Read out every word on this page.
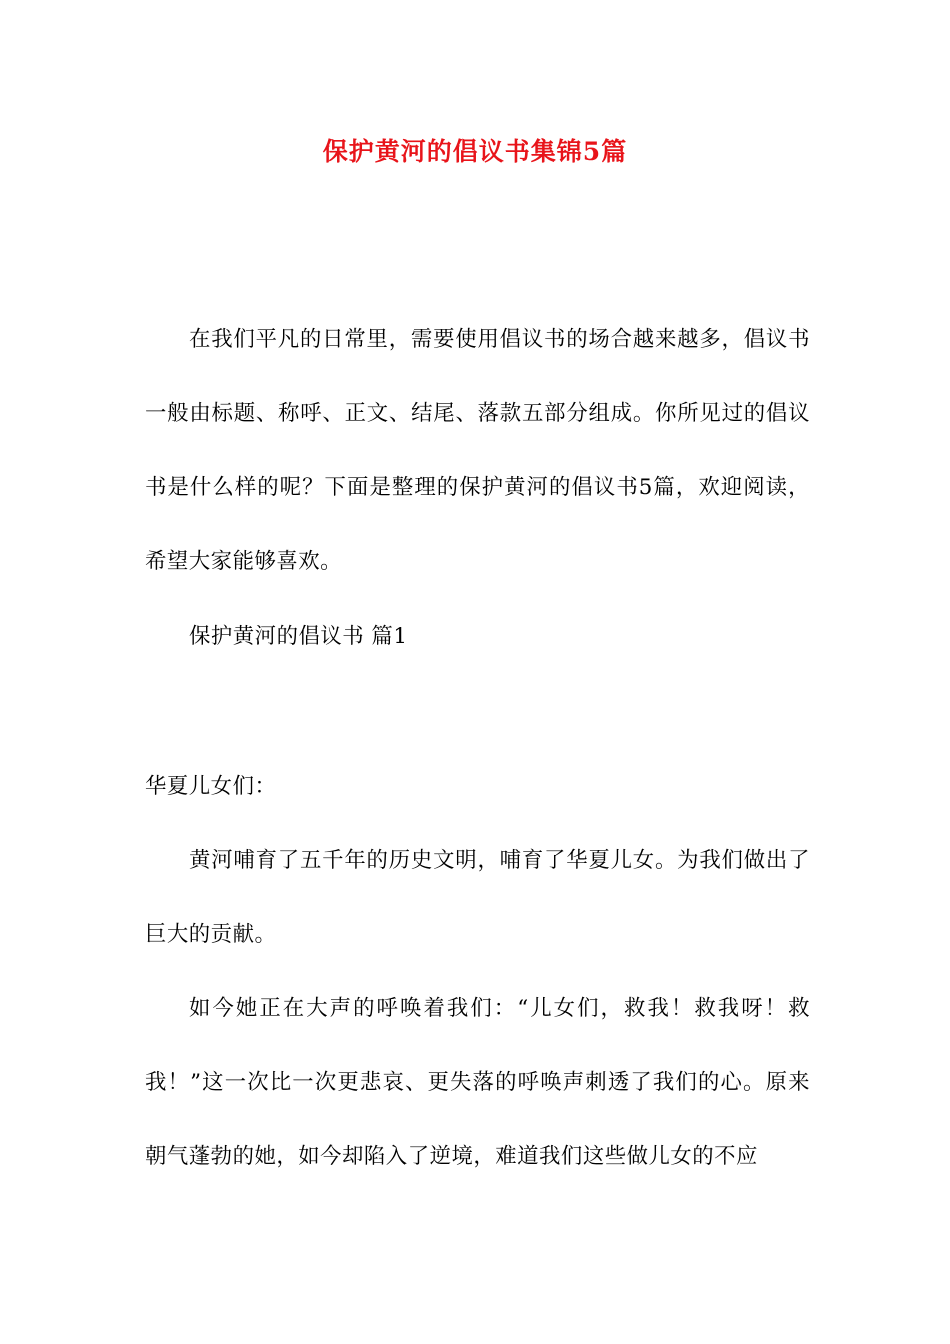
保护黄河的倡议书集锦5篇

在我们平凡的日常里，需要使用倡议书的场合越来越多，倡议书一般由标题、称呼、正文、结尾、落款五部分组成。你所见过的倡议书是什么样的呢？下面是整理的保护黄河的倡议书5篇，欢迎阅读，希望大家能够喜欢。

保护黄河的倡议书 篇1

华夏儿女们：

黄河哺育了五千年的历史文明，哺育了华夏儿女。为我们做出了巨大的贡献。

如今她正在大声的呼唤着我们：“儿女们，救我！救我呀！救我！”这一次比一次更悲哀、更失落的呼唤声刺透了我们的心。原来朝气蓬勃的她，如今却陷入了逆境，难道我们这些做儿女的不应
